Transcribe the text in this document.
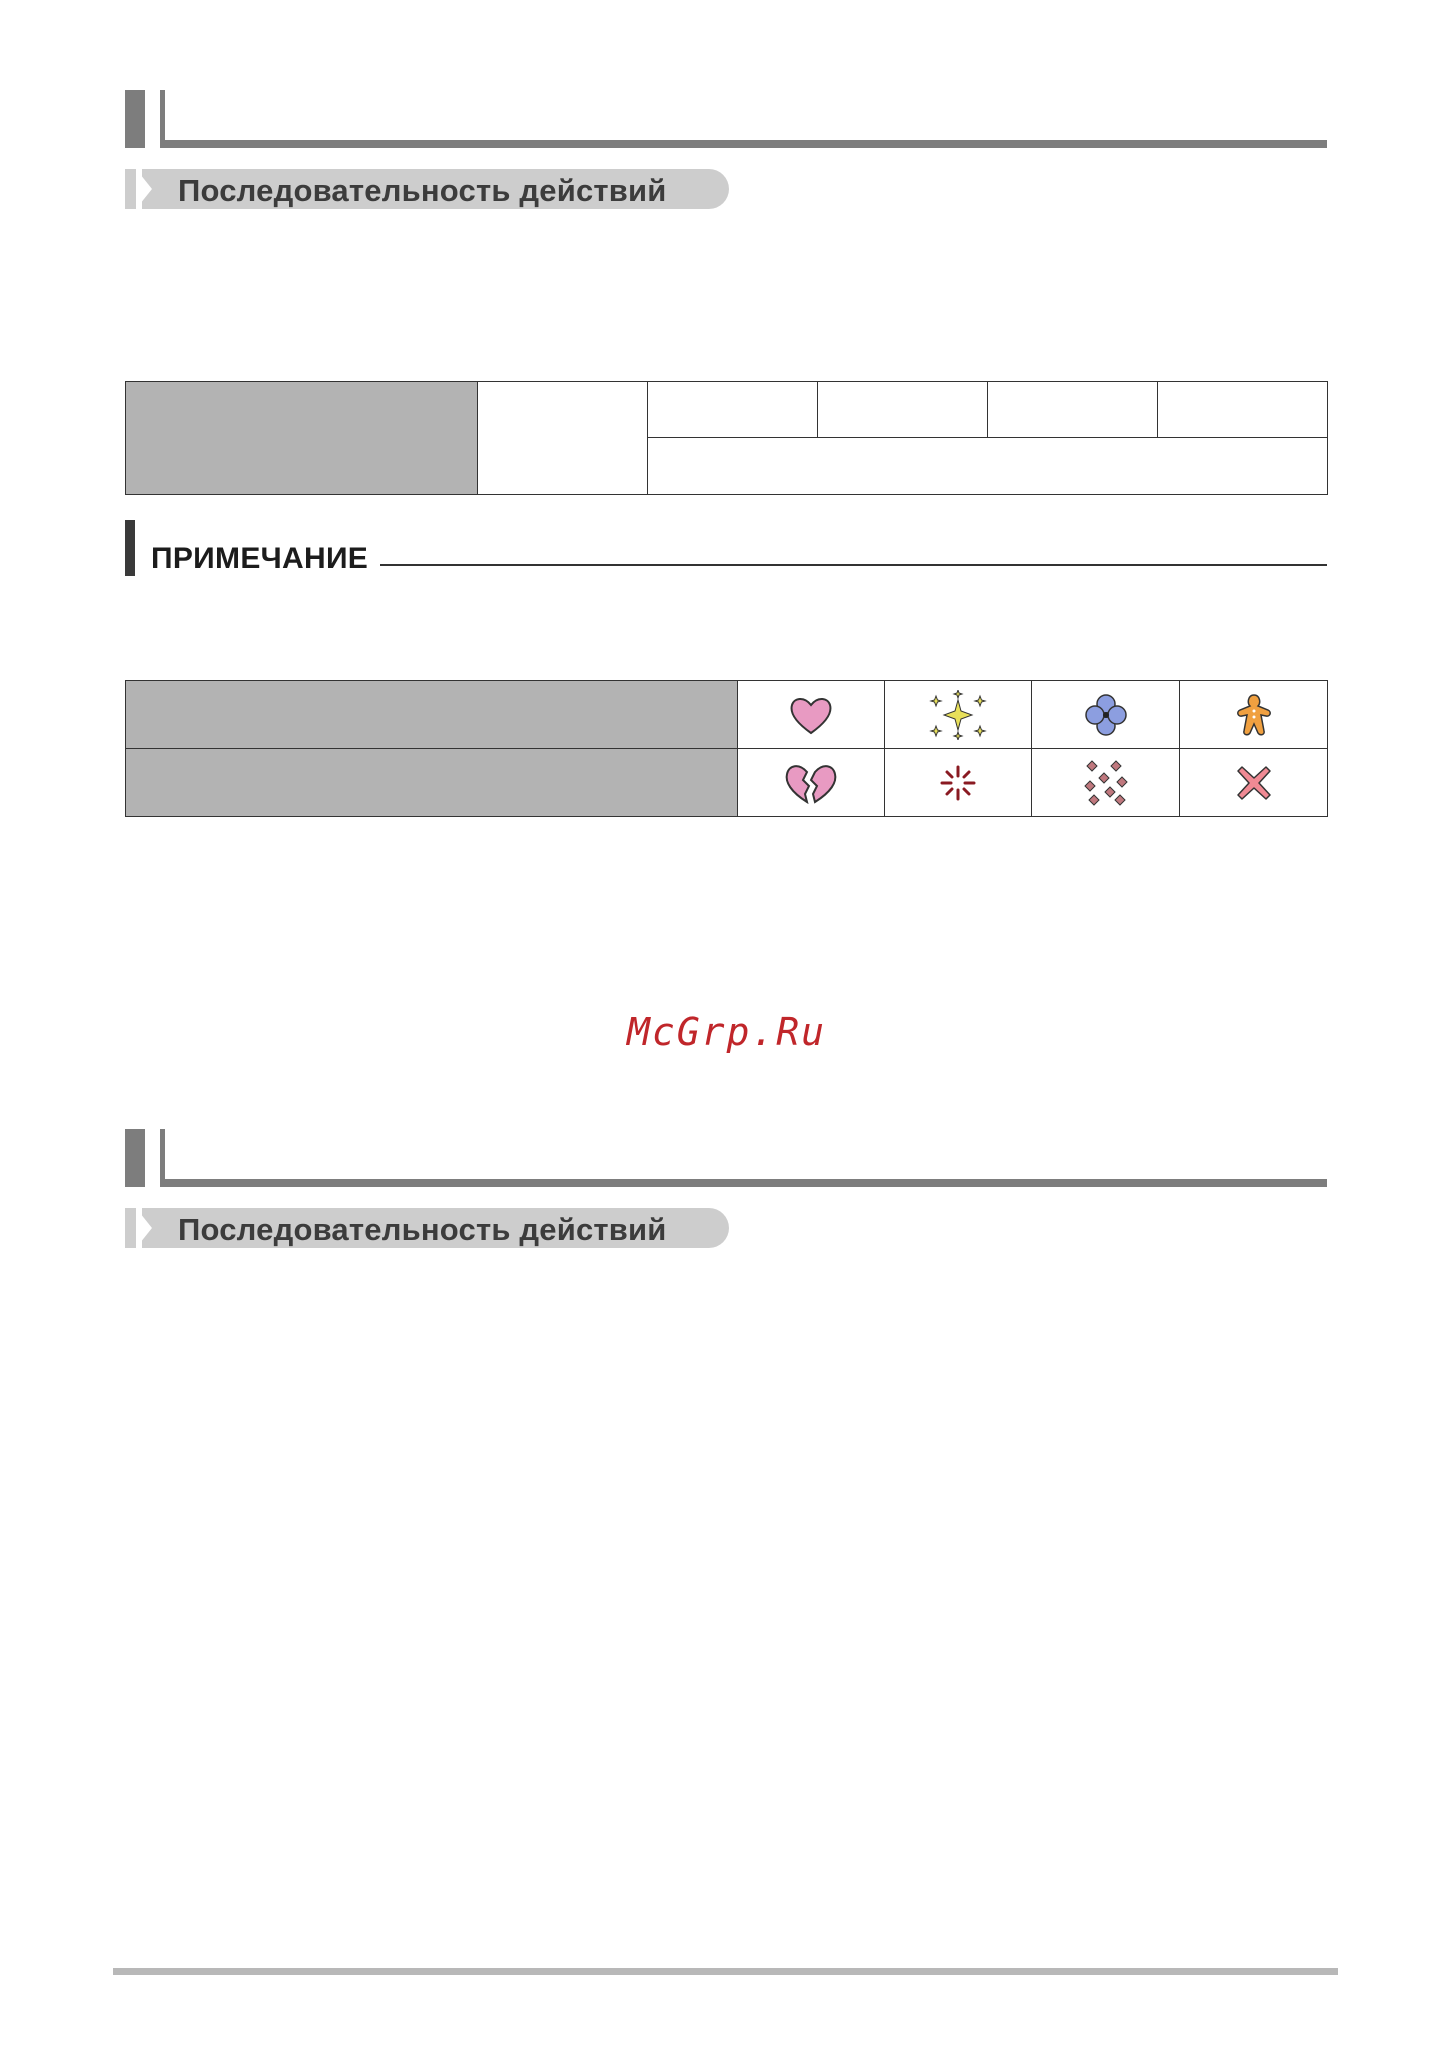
Последовательность действий

ПРИМЕЧАНИЕ

McGrp.Ru
Последовательность действий
